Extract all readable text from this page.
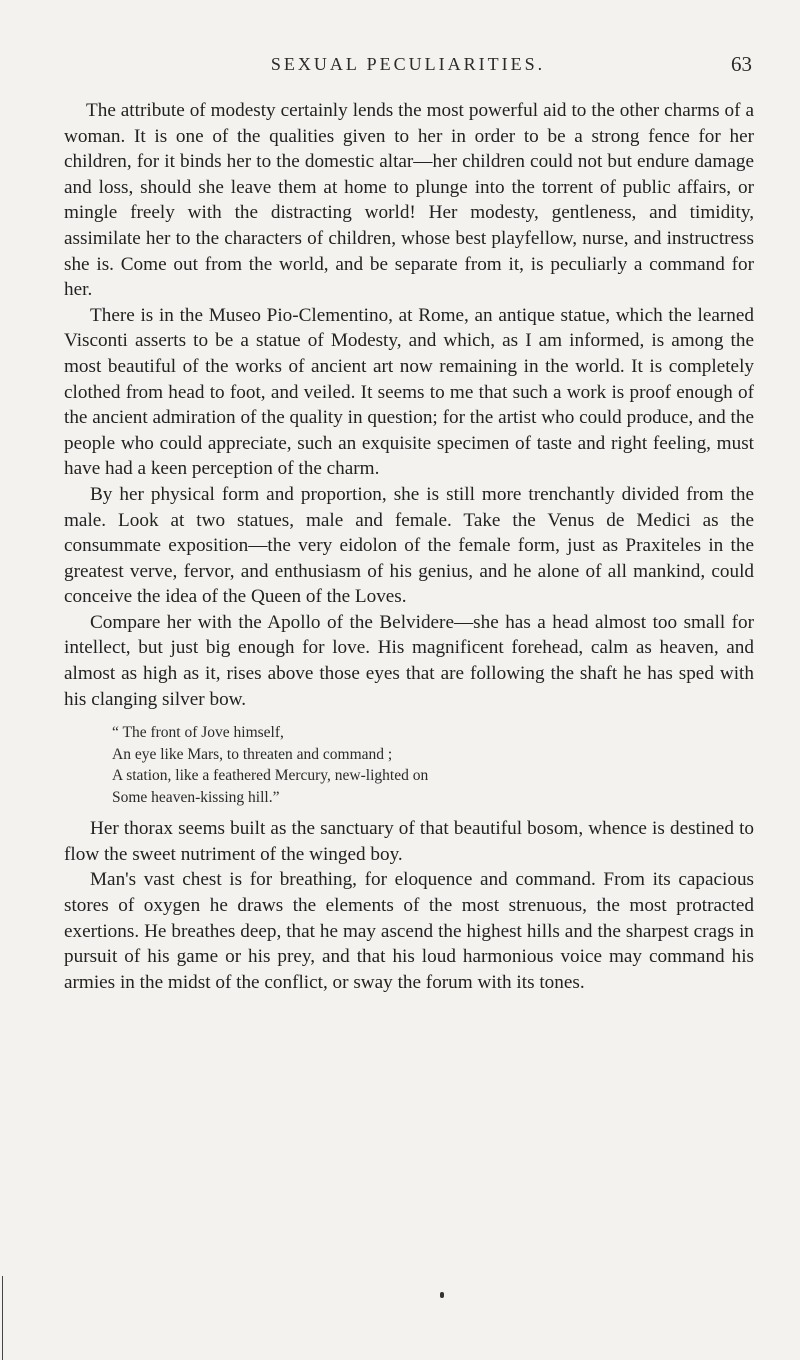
SEXUAL PECULIARITIES.	63

The attribute of modesty certainly lends the most powerful aid to the other charms of a woman. It is one of the qualities given to her in order to be a strong fence for her children, for it binds her to the domestic altar—her children could not but endure damage and loss, should she leave them at home to plunge into the torrent of public affairs, or mingle freely with the distracting world! Her modesty, gentleness, and timidity, assimilate her to the characters of children, whose best playfellow, nurse, and instructress she is. Come out from the world, and be separate from it, is peculiarly a command for her.

There is in the Museo Pio-Clementino, at Rome, an antique statue, which the learned Visconti asserts to be a statue of Modesty, and which, as I am informed, is among the most beautiful of the works of ancient art now remaining in the world. It is completely clothed from head to foot, and veiled. It seems to me that such a work is proof enough of the ancient admiration of the quality in question; for the artist who could produce, and the people who could appreciate, such an exquisite specimen of taste and right feeling, must have had a keen perception of the charm.

By her physical form and proportion, she is still more trenchantly divided from the male. Look at two statues, male and female. Take the Venus de Medici as the consummate exposition—the very eidolon of the female form, just as Praxiteles in the greatest verve, fervor, and enthusiasm of his genius, and he alone of all mankind, could conceive the idea of the Queen of the Loves.

Compare her with the Apollo of the Belvidere—she has a head almost too small for intellect, but just big enough for love. His magnificent forehead, calm as heaven, and almost as high as it, rises above those eyes that are following the shaft he has sped with his clanging silver bow.

“ The front of Jove himself,
An eye like Mars, to threaten and command ;
A station, like a feathered Mercury, new-lighted on
Some heaven-kissing hill.”

Her thorax seems built as the sanctuary of that beautiful bosom, whence is destined to flow the sweet nutriment of the winged boy.

Man's vast chest is for breathing, for eloquence and command. From its capacious stores of oxygen he draws the elements of the most strenuous, the most protracted exertions. He breathes deep, that he may ascend the highest hills and the sharpest crags in pursuit of his game or his prey, and that his loud harmonious voice may command his armies in the midst of the conflict, or sway the forum with its tones.
